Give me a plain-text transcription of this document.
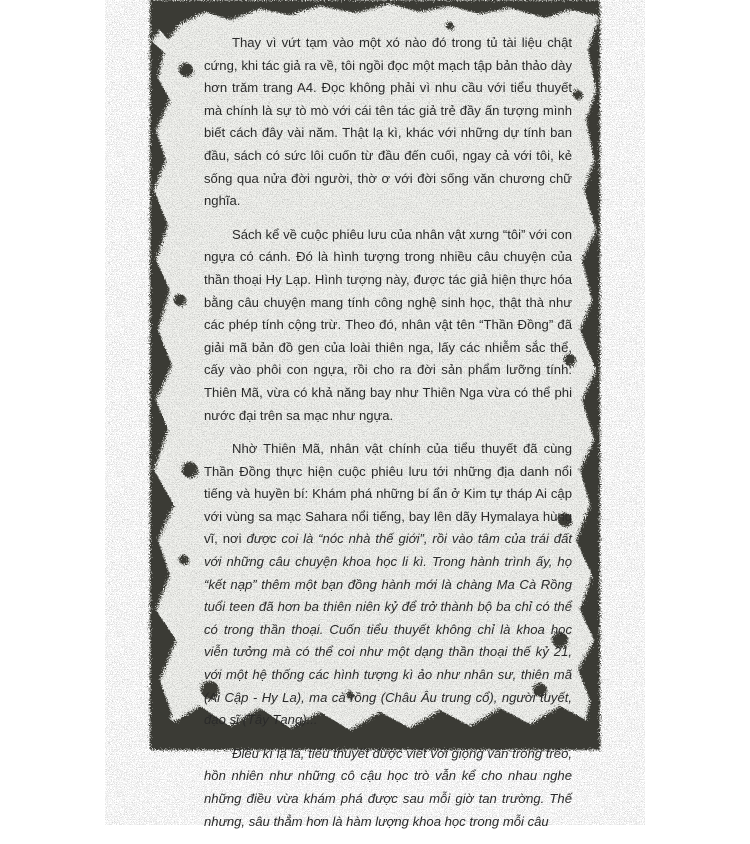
Thay vì vứt tạm vào một xó nào đó trong tủ tài liệu chật cứng, khi tác giả ra về, tôi ngồi đọc một mạch tập bản thảo dày hơn trăm trang A4. Đọc không phải vì nhu cầu với tiểu thuyết mà chính là sự tò mò với cái tên tác giả trẻ đầy ấn tượng mình biết cách đây vài năm. Thật lạ kì, khác với những dự tính ban đầu, sách có sức lôi cuốn từ đầu đến cuối, ngay cả với tôi, kẻ sống qua nửa đời người, thờ ơ với đời sống văn chương chữ nghĩa.

Sách kể về cuộc phiêu lưu của nhân vật xưng “tôi” với con ngựa có cánh. Đó là hình tượng trong nhiều câu chuyện của thần thoại Hy Lạp. Hình tượng này, được tác giả hiện thực hóa bằng câu chuyện mang tính công nghệ sinh học, thật thà như các phép tính cộng trừ. Theo đó, nhân vật tên “Thần Đồng” đã giải mã bản đồ gen của loài thiên nga, lấy các nhiễm sắc thể, cấy vào phôi con ngựa, rồi cho ra đời sản phẩm lưỡng tính: Thiên Mã, vừa có khả năng bay như Thiên Nga vừa có thể phi nước đại trên sa mạc như ngựa.

Nhờ Thiên Mã, nhân vật chính của tiểu thuyết đã cùng Thần Đồng thực hiện cuộc phiêu lưu tới những địa danh nổi tiếng và huyền bí: Khám phá những bí ẩn ở Kim tự tháp Ai cập với vùng sa mạc Sahara nổi tiếng, bay lên dãy Hymalaya hùng vĩ, nơi được coi là “nóc nhà thế giới”, rồi vào tâm của trái đất với những câu chuyện khoa học li kì. Trong hành trình ấy, họ “kết nạp” thêm một bạn đồng hành mới là chàng Ma Cà Rồng tuổi teen đã hơn ba thiên niên kỷ để trở thành bộ ba chỉ có thể có trong thần thoại. Cuốn tiểu thuyết không chỉ là khoa học viễn tưởng mà có thể coi như một dạng thần thoại thế kỷ 21, với một hệ thống các hình tượng kì ảo như nhân sư, thiên mã (Ai Cập - Hy La), ma cà rồng (Châu Âu trung cổ), người tuyết, đạo sĩ (Tây Tạng)...

Điều kì lạ là, tiểu thuyết được viết với giọng văn trong trẻo, hồn nhiên như những cô cậu học trò vẫn kể cho nhau nghe những điều vừa khám phá được sau mỗi giờ tan trường. Thế nhưng, sâu thẳm hơn là hàm lượng khoa học trong mỗi câu
